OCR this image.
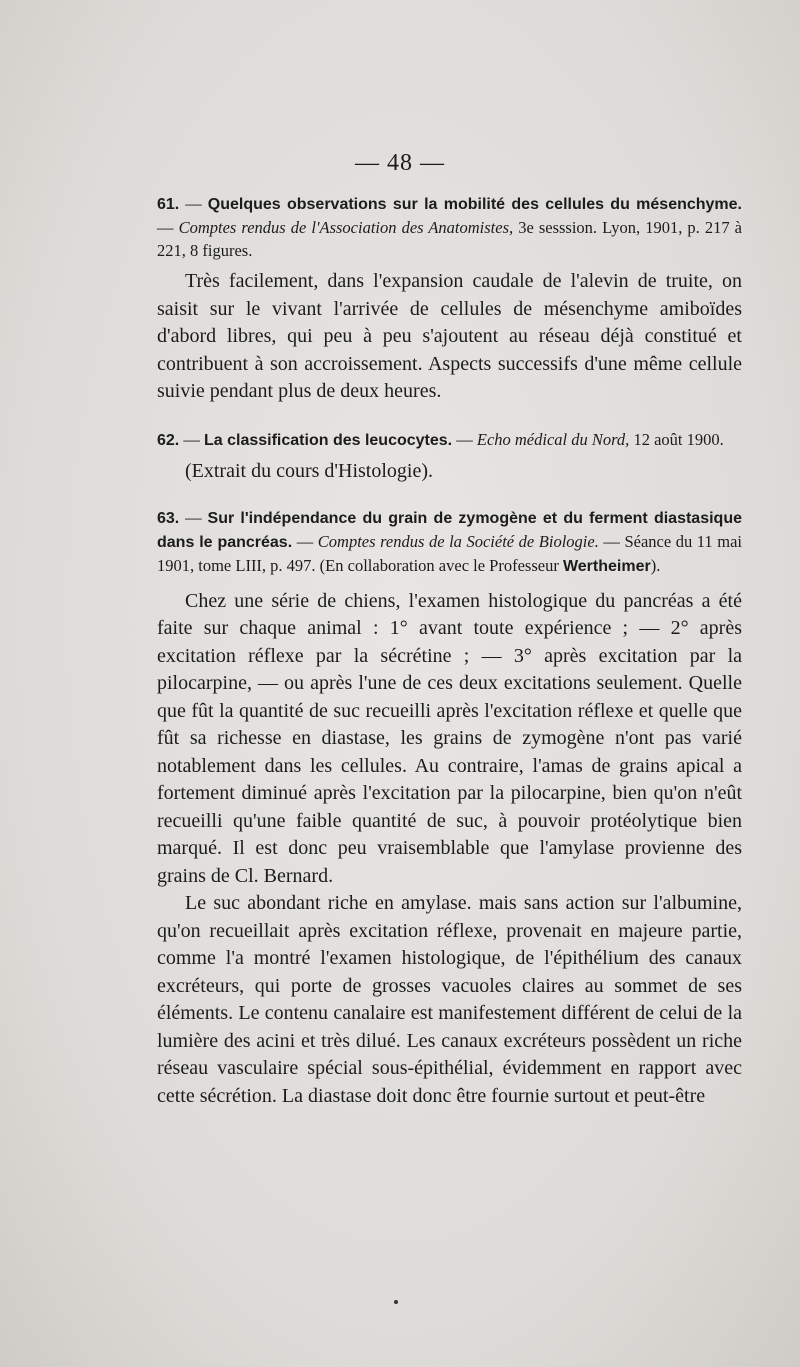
— 48 —

61. — Quelques observations sur la mobilité des cellules du mésenchyme. — Comptes rendus de l'Association des Anatomistes, 3e sesssion. Lyon, 1901, p. 217 à 221, 8 figures.

Très facilement, dans l'expansion caudale de l'alevin de truite, on saisit sur le vivant l'arrivée de cellules de mésenchyme amiboïdes d'abord libres, qui peu à peu s'ajoutent au réseau déjà constitué et contribuent à son accroissement. Aspects successifs d'une même cellule suivie pendant plus de deux heures.

62. — La classification des leucocytes. — Echo médical du Nord, 12 août 1900.

(Extrait du cours d'Histologie).

63. — Sur l'indépendance du grain de zymogène et du ferment diastasique dans le pancréas. — Comptes rendus de la Société de Biologie. — Séance du 11 mai 1901, tome LIII, p. 497. (En collaboration avec le Professeur Wertheimer).

Chez une série de chiens, l'examen histologique du pancréas a été faite sur chaque animal : 1° avant toute expérience ; — 2° après excitation réflexe par la sécrétine ; — 3° après excitation par la pilocarpine, — ou après l'une de ces deux excitations seulement. Quelle que fût la quantité de suc recueilli après l'excitation réflexe et quelle que fût sa richesse en diastase, les grains de zymogène n'ont pas varié notablement dans les cellules. Au contraire, l'amas de grains apical a fortement diminué après l'excitation par la pilocarpine, bien qu'on n'eût recueilli qu'une faible quantité de suc, à pouvoir protéolytique bien marqué. Il est donc peu vraisemblable que l'amylase provienne des grains de Cl. Bernard.

Le suc abondant riche en amylase. mais sans action sur l'albumine, qu'on recueillait après excitation réflexe, provenait en majeure partie, comme l'a montré l'examen histologique, de l'épithélium des canaux excréteurs, qui porte de grosses vacuoles claires au sommet de ses éléments. Le contenu canalaire est manifestement différent de celui de la lumière des acini et très dilué. Les canaux excréteurs possèdent un riche réseau vasculaire spécial sous-épithélial, évidemment en rapport avec cette sécrétion. La diastase doit donc être fournie surtout et peut-être
